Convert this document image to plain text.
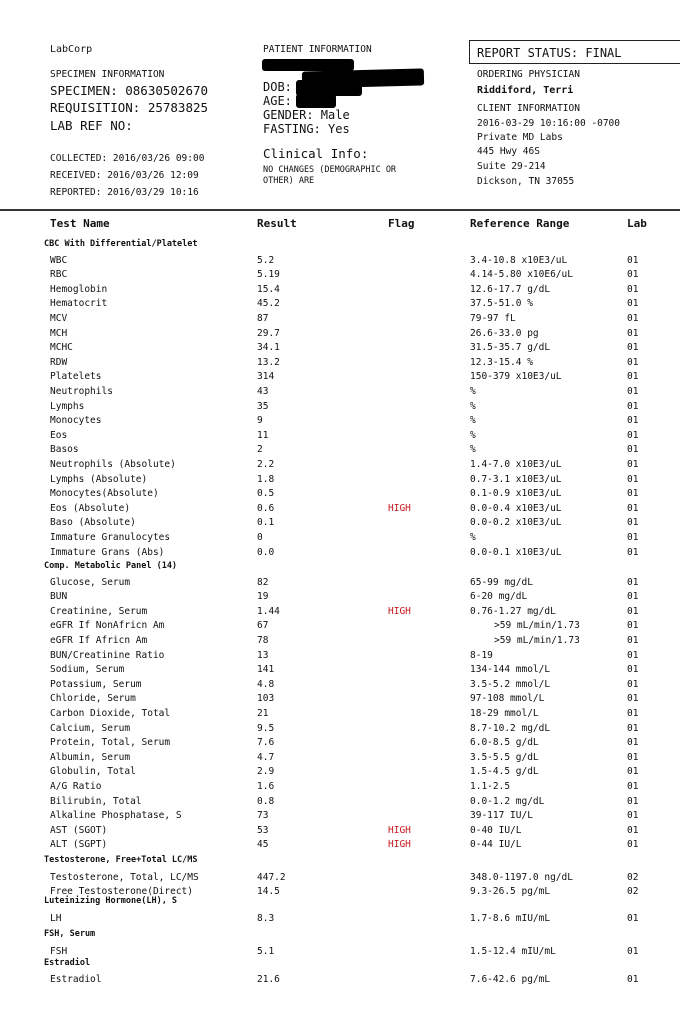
LabCorp
SPECIMEN INFORMATION
SPECIMEN: 08630502670
REQUISITION: 25783825
LAB REF NO:
COLLECTED: 2016/03/26 09:00
RECEIVED: 2016/03/26 12:09
REPORTED: 2016/03/29 10:16
PATIENT INFORMATION
DOB:
AGE:
GENDER: Male
FASTING: Yes
Clinical Info:
NO CHANGES (DEMOGRAPHIC OR
OTHER) ARE
REPORT STATUS: FINAL
ORDERING PHYSICIAN
Riddiford, Terri
CLIENT INFORMATION
2016-03-29 10:16:00 -0700
Private MD Labs
445 Hwy 46S
Suite 29-214
Dickson, TN 37055
Test Name	Result	Flag	Reference Range	Lab
CBC With Differential/Platelet
WBC	5.2	3.4-10.8 x10E3/uL	01
RBC	5.19	4.14-5.80 x10E6/uL	01
Hemoglobin	15.4	12.6-17.7 g/dL	01
Hematocrit	45.2	37.5-51.0 %	01
MCV	87	79-97 fL	01
MCH	29.7	26.6-33.0 pg	01
MCHC	34.1	31.5-35.7 g/dL	01
RDW	13.2	12.3-15.4 %	01
Platelets	314	150-379 x10E3/uL	01
Neutrophils	43	%	01
Lymphs	35	%	01
Monocytes	9	%	01
Eos	11	%	01
Basos	2	%	01
Neutrophils (Absolute)	2.2	1.4-7.0 x10E3/uL	01
Lymphs (Absolute)	1.8	0.7-3.1 x10E3/uL	01
Monocytes(Absolute)	0.5	0.1-0.9 x10E3/uL	01
Eos (Absolute)	0.6	HIGH	0.0-0.4 x10E3/uL	01
Baso (Absolute)	0.1	0.0-0.2 x10E3/uL	01
Immature Granulocytes	0	%	01
Immature Grans (Abs)	0.0	0.0-0.1 x10E3/uL	01
Comp. Metabolic Panel (14)
Glucose, Serum	82	65-99 mg/dL	01
BUN	19	6-20 mg/dL	01
Creatinine, Serum	1.44	HIGH	0.76-1.27 mg/dL	01
eGFR If NonAfricn Am	67	>59 mL/min/1.73	01
eGFR If Africn Am	78	>59 mL/min/1.73	01
BUN/Creatinine Ratio	13	8-19	01
Sodium, Serum	141	134-144 mmol/L	01
Potassium, Serum	4.8	3.5-5.2 mmol/L	01
Chloride, Serum	103	97-108 mmol/L	01
Carbon Dioxide, Total	21	18-29 mmol/L	01
Calcium, Serum	9.5	8.7-10.2 mg/dL	01
Protein, Total, Serum	7.6	6.0-8.5 g/dL	01
Albumin, Serum	4.7	3.5-5.5 g/dL	01
Globulin, Total	2.9	1.5-4.5 g/dL	01
A/G Ratio	1.6	1.1-2.5	01
Bilirubin, Total	0.8	0.0-1.2 mg/dL	01
Alkaline Phosphatase, S	73	39-117 IU/L	01
AST (SGOT)	53	HIGH	0-40 IU/L	01
ALT (SGPT)	45	HIGH	0-44 IU/L	01
Testosterone, Free+Total LC/MS
Testosterone, Total, LC/MS	447.2	348.0-1197.0 ng/dL	02
Free Testosterone(Direct)	14.5	9.3-26.5 pg/mL	02
Luteinizing Hormone(LH), S
LH	8.3	1.7-8.6 mIU/mL	01
FSH, Serum
FSH	5.1	1.5-12.4 mIU/mL	01
Estradiol
Estradiol	21.6	7.6-42.6 pg/mL	01
